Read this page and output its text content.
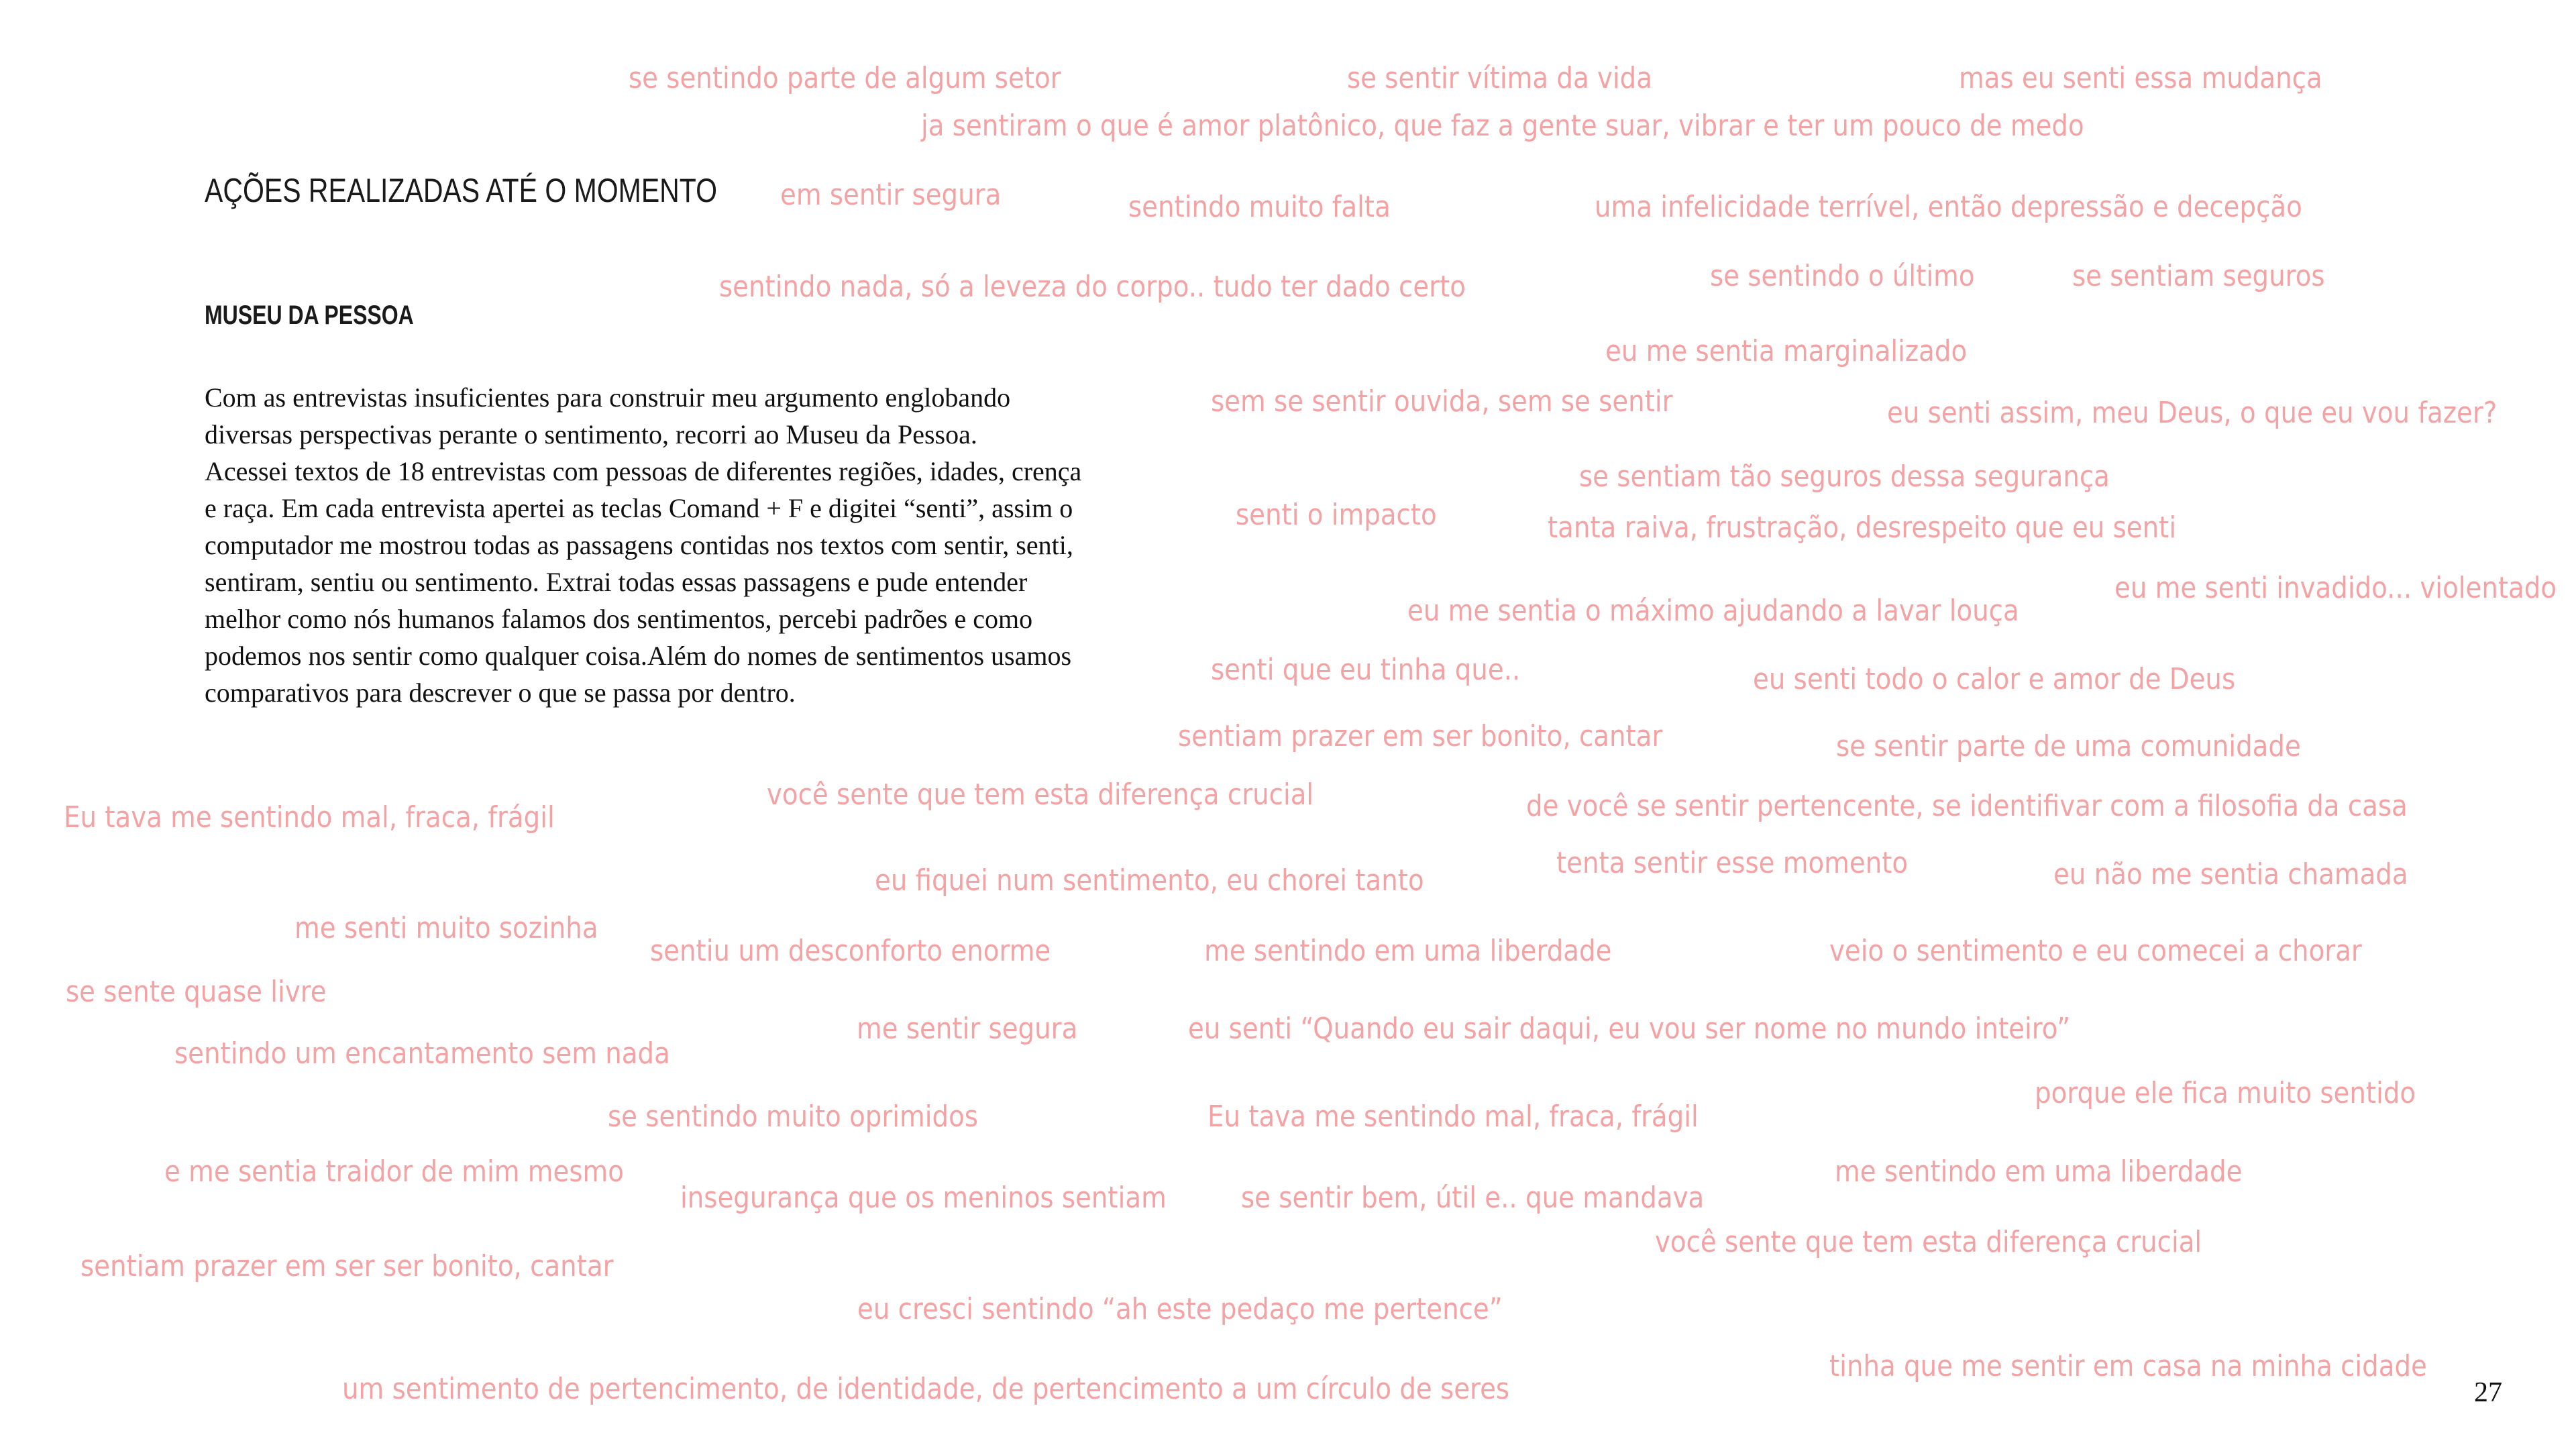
AÇÕES REALIZADAS ATÉ O MOMENTO
MUSEU DA PESSOA

Com as entrevistas insuficientes para construir meu argumento englobando
diversas perspectivas perante o sentimento, recorri ao Museu da Pessoa.
Acessei textos de 18 entrevistas com pessoas de diferentes regiões, idades, crença
e raça. Em cada entrevista apertei as teclas Comand + F e digitei “senti”, assim o
computador me mostrou todas as passagens contidas nos textos com sentir, senti,
sentiram, sentiu ou sentimento. Extrai todas essas passagens e pude entender
melhor como nós humanos falamos dos sentimentos, percebi padrões e como
podemos nos sentir como qualquer coisa.Além do nomes de sentimentos usamos
comparativos para descrever o que se passa por dentro.

se sentindo parte de algum setor	se sentir vítima da vida	mas eu senti essa mudança
ja sentiram o que é amor platônico, que faz a gente suar, vibrar e ter um pouco de medo
em sentir segura	sentindo muito falta	uma infelicidade terrível, então depressão e decepção
se sentindo o último	se sentiam seguros
sentindo nada, só a leveza do corpo.. tudo ter dado certo
eu me sentia marginalizado
sem se sentir ouvida, sem se sentir	eu senti assim, meu Deus, o que eu vou fazer?
se sentiam tão seguros dessa segurança
senti o impacto	tanta raiva, frustração, desrespeito que eu senti
eu me senti invadido... violentado
eu me sentia o máximo ajudando a lavar louça
senti que eu tinha que..	eu senti todo o calor e amor de Deus
sentiam prazer em ser bonito, cantar	se sentir parte de uma comunidade
você sente que tem esta diferença crucial
Eu tava me sentindo mal, fraca, frágil	de você se sentir pertencente, se identifivar com a filosofia da casa
tenta sentir esse momento	eu não me sentia chamada
eu fiquei num sentimento, eu chorei tanto
me senti muito sozinha
sentiu um desconforto enorme	me sentindo em uma liberdade	veio o sentimento e eu comecei a chorar
se sente quase livre
me sentir segura	eu senti “Quando eu sair daqui, eu vou ser nome no mundo inteiro”
sentindo um encantamento sem nada
porque ele fica muito sentido
se sentindo muito oprimidos	Eu tava me sentindo mal, fraca, frágil
e me sentia traidor de mim mesmo	me sentindo em uma liberdade
insegurança que os meninos sentiam	se sentir bem, útil e.. que mandava
você sente que tem esta diferença crucial
sentiam prazer em ser ser bonito, cantar
eu cresci sentindo “ah este pedaço me pertence”
tinha que me sentir em casa na minha cidade
um sentimento de pertencimento, de identidade, de pertencimento a um círculo de seres	27
